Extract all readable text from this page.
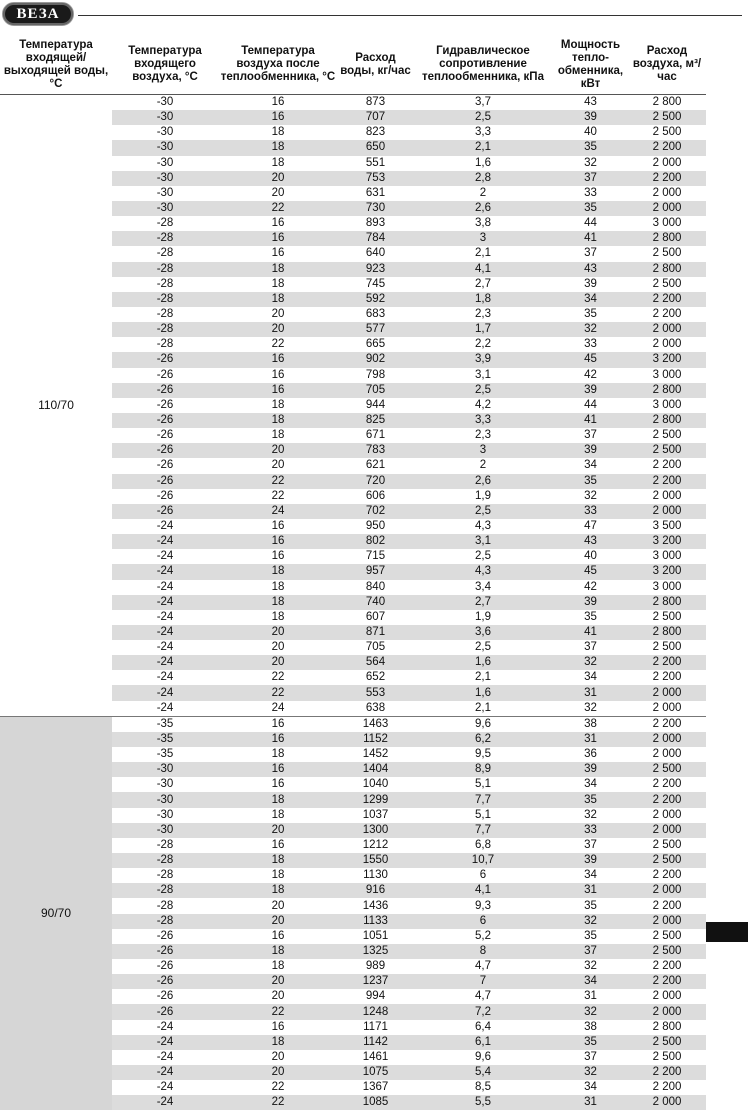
ВЕЗА
Температура входящей/ выходящей воды, °С	Температура входящего воздуха, °С	Температура воздуха после теплообменника, °С	Расход воды, кг/час	Гидравлическое сопротивление теплообменника, кПа	Мощность тепло-обменника, кВт	Расход воздуха, м³/час
110/70	-30	16	873	3,7	43	2 800
	-30	16	707	2,5	39	2 500
	-30	18	823	3,3	40	2 500
	-30	18	650	2,1	35	2 200
	-30	18	551	1,6	32	2 000
	-30	20	753	2,8	37	2 200
	-30	20	631	2	33	2 000
	-30	22	730	2,6	35	2 000
	-28	16	893	3,8	44	3 000
	-28	16	784	3	41	2 800
	-28	16	640	2,1	37	2 500
	-28	18	923	4,1	43	2 800
	-28	18	745	2,7	39	2 500
	-28	18	592	1,8	34	2 200
	-28	20	683	2,3	35	2 200
	-28	20	577	1,7	32	2 000
	-28	22	665	2,2	33	2 000
	-26	16	902	3,9	45	3 200
	-26	16	798	3,1	42	3 000
	-26	16	705	2,5	39	2 800
	-26	18	944	4,2	44	3 000
	-26	18	825	3,3	41	2 800
	-26	18	671	2,3	37	2 500
	-26	20	783	3	39	2 500
	-26	20	621	2	34	2 200
	-26	22	720	2,6	35	2 200
	-26	22	606	1,9	32	2 000
	-26	24	702	2,5	33	2 000
	-24	16	950	4,3	47	3 500
	-24	16	802	3,1	43	3 200
	-24	16	715	2,5	40	3 000
	-24	18	957	4,3	45	3 200
	-24	18	840	3,4	42	3 000
	-24	18	740	2,7	39	2 800
	-24	18	607	1,9	35	2 500
	-24	20	871	3,6	41	2 800
	-24	20	705	2,5	37	2 500
	-24	20	564	1,6	32	2 200
	-24	22	652	2,1	34	2 200
	-24	22	553	1,6	31	2 000
	-24	24	638	2,1	32	2 000
90/70	-35	16	1463	9,6	38	2 200
	-35	16	1152	6,2	31	2 000
	-35	18	1452	9,5	36	2 000
	-30	16	1404	8,9	39	2 500
	-30	16	1040	5,1	34	2 200
	-30	18	1299	7,7	35	2 200
	-30	18	1037	5,1	32	2 000
	-30	20	1300	7,7	33	2 000
	-28	16	1212	6,8	37	2 500
	-28	18	1550	10,7	39	2 500
	-28	18	1130	6	34	2 200
	-28	18	916	4,1	31	2 000
	-28	20	1436	9,3	35	2 200
	-28	20	1133	6	32	2 000
	-26	16	1051	5,2	35	2 500
	-26	18	1325	8	37	2 500
	-26	18	989	4,7	32	2 200
	-26	20	1237	7	34	2 200
	-26	20	994	4,7	31	2 000
	-26	22	1248	7,2	32	2 000
	-24	16	1171	6,4	38	2 800
	-24	18	1142	6,1	35	2 500
	-24	20	1461	9,6	37	2 500
	-24	20	1075	5,4	32	2 200
	-24	22	1367	8,5	34	2 200
	-24	22	1085	5,5	31	2 000
